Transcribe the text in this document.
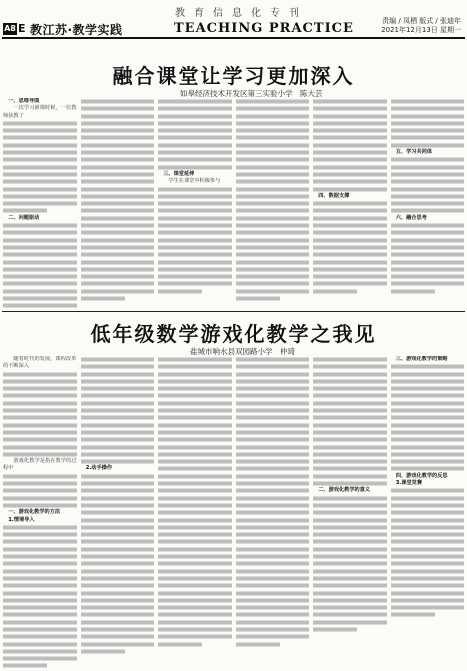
教育信息化专刊
A8 E 教江苏·教学实践	TEACHING PRACTICE	责编 / 凤栖 版式 / 张迪年
2021年12月13日 星期一
融合课堂让学习更加深入
如皋经济技术开发区第三实验小学　陈大芸
一、思维导图

一次学习新课时候，一位教师执教了

二、问题驱动
三、课堂延伸

学生在课堂中积极参与

四、数据支撑
五、学习共同体
六、融合思考
低年级数学游戏化教学之我见
盐城市响水县双园路小学　仲琦

随着时代的发展，课程改革的不断深入

游戏化教学是指在教学的过程中

一、游戏化教学的方法
1.情境导入
2.动手操作
二、游戏化教学的意义
三、游戏化教学的策略
四、游戏化教学的反思
3.课堂竞赛
